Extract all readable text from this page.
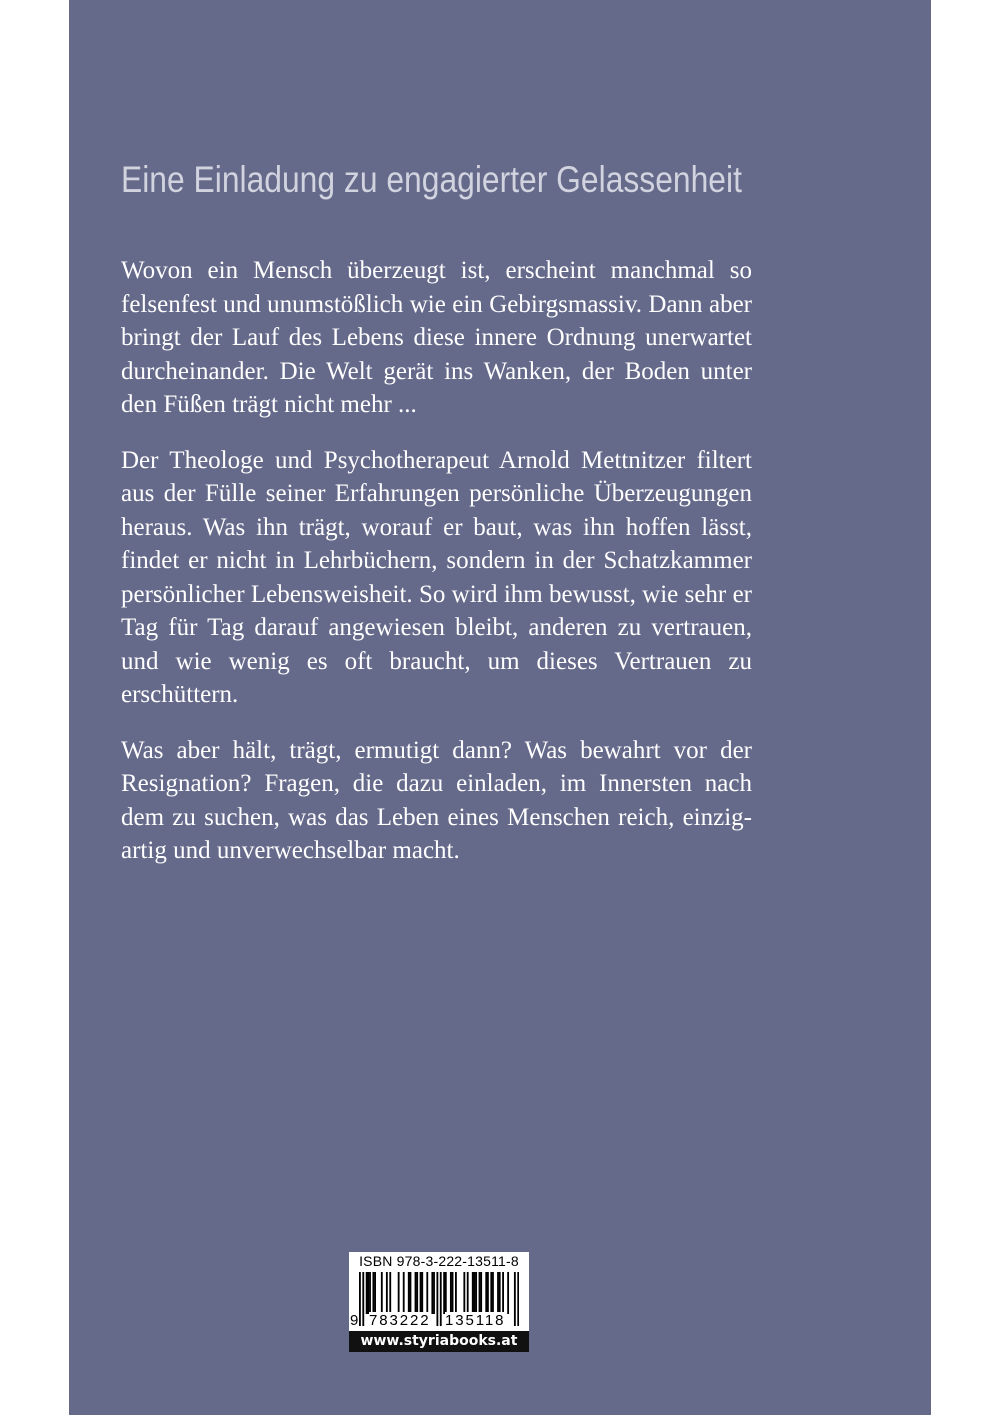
Eine Einladung zu engagierter Gelassenheit

Wovon ein Mensch überzeugt ist, erscheint manchmal so felsenfest und unumstößlich wie ein Gebirgsmassiv. Dann aber bringt der Lauf des Lebens diese innere Ordnung unerwartet durcheinander. Die Welt gerät ins Wanken, der Boden unter den Füßen trägt nicht mehr ...

Der Theologe und Psychotherapeut Arnold Mettnitzer filtert aus der Fülle seiner Erfahrungen persönliche Überzeugungen heraus. Was ihn trägt, worauf er baut, was ihn hoffen lässt, findet er nicht in Lehrbüchern, sondern in der Schatzkammer persönlicher Lebensweisheit. So wird ihm bewusst, wie sehr er Tag für Tag darauf angewiesen bleibt, anderen zu vertrauen, und wie wenig es oft braucht, um dieses Vertrauen zu erschüttern.

Was aber hält, trägt, ermutigt dann? Was bewahrt vor der Resignation? Fragen, die dazu einladen, im Innersten nach dem zu suchen, was das Leben eines Menschen reich, einzigartig und unverwechselbar macht.

ISBN 978-3-222-13511-8
9 783222 135118
www.styriabooks.at
